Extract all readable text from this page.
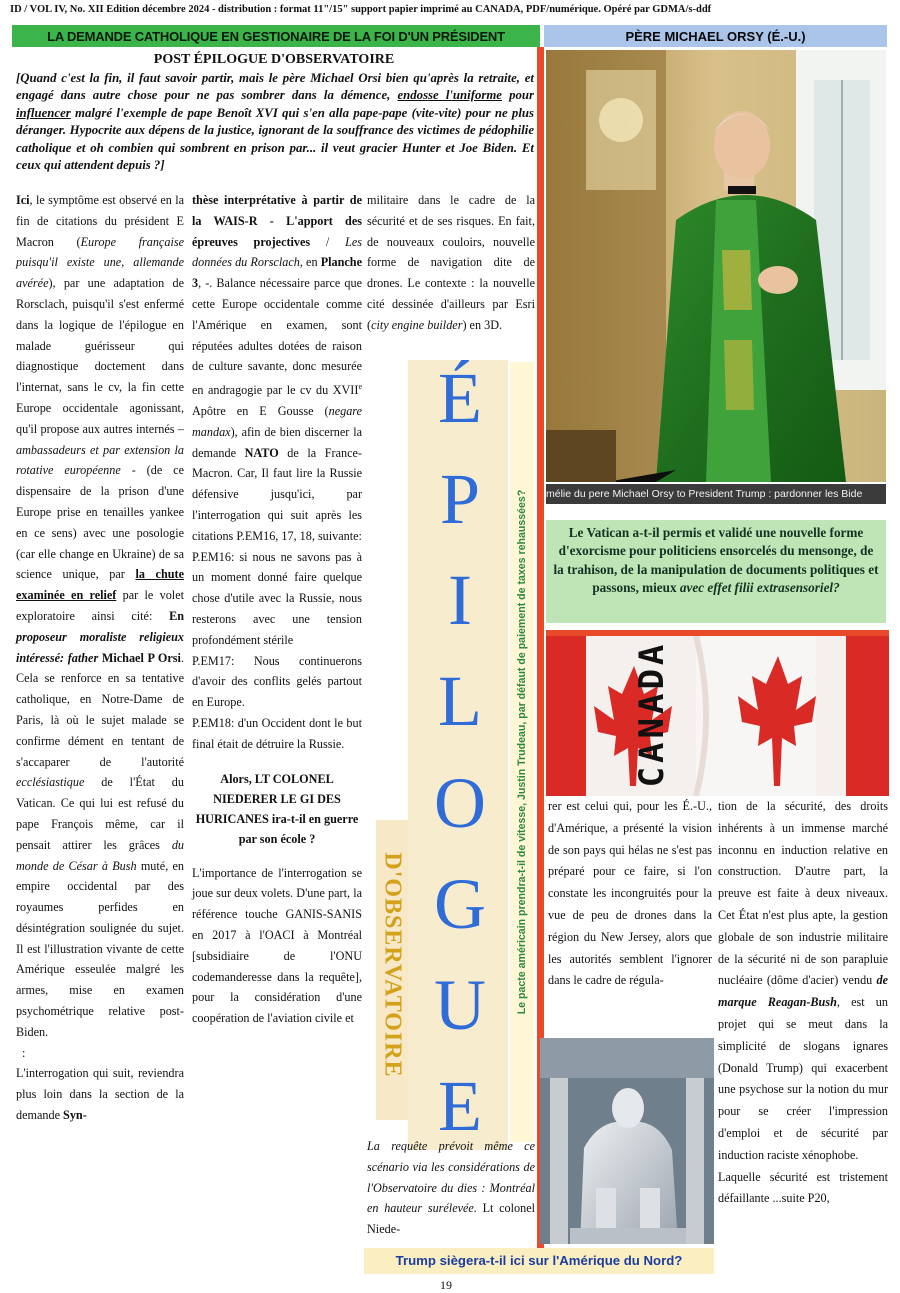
ID / VOL IV, No. XII Édition décembre 2024 - distribution : format 11"/15" support papier imprimé au CANADA, PDF/numérique. Opéré par GDMA/s-ddf
LA DEMANDE CATHOLIQUE EN GESTIONAIRE DE LA FOI D'UN PRÉSIDENT	PÈRE MICHAEL ORSY (É.-U.)
POST ÉPILOGUE D'OBSERVATOIRE
[Quand c'est la fin, il faut savoir partir, mais le père Michael Orsi bien qu'après la retraite, et engagé dans autre chose pour ne pas sombrer dans la démence, endosse l'uniforme pour influencer malgré l'exemple de pape Benoît XVI qui s'en alla pape-pape (vite-vite) pour ne plus déranger. Hypocrite aux dépens de la justice, ignorant de la souffrance des victimes de pédophilie catholique et oh combien qui sombrent en prison par... il veut gracier Hunter et Joe Biden. Et ceux qui attendent depuis ?]

Ici, le symptôme est observé en la fin de citations du président E Macron (Europe française puisqu'il existe une, allemande avérée), par une adaptation de Rorsclach, puisqu'il s'est enfermé dans la logique de l'épilogue en malade guérisseur qui diagnostique doctement dans l'internat, sans le cv, la fin cette Europe occidentale agonissant, qu'il propose aux autres internés – ambassadeurs et par extension la rotative européenne - (de ce dispensaire de la prison d'une Europe prise en tenailles yankee en ce sens) avec une posologie (car elle change en Ukraine) de sa science unique, par la chute examinée en relief par le volet exploratoire ainsi cité: En proposeur moraliste religieux intéressé: father Michael P Orsi. Cela se renforce en sa tentative catholique, en Notre-Dame de Paris, là où le sujet malade se confirme dément en tentant de s'accaparer de l'autorité ecclésiastique de l'État du Vatican. Ce qui lui est refusé du pape François même, car il pensait attirer les grâces du monde de César à Bush muté, en empire occidental par des royaumes perfides en désintégration soulignée du sujet. Il est l'illustration vivante de cette Amérique esseulée malgré les armes, mise en examen psychométrique relative post-Biden.

:

L'interrogation qui suit, reviendra plus loin dans la section de la demande Syn-

thèse interprétative à partir de la WAIS-R - L'apport des épreuves projectives / Les données du Rorsclach, en Planche 3, -. Balance nécessaire parce que cette Europe occidentale comme l'Amérique en examen, sont réputées adultes dotées de raison de culture savante, donc mesurée en andragogie par le cv du XVIIe Apôtre en E Gousse (negare mandax), afin de bien discerner la demande NATO de la France-Macron. Car, Il faut lire la Russie défensive jusqu'ici, par l'interrogation qui suit après les citations P.EM16, 17, 18, suivante:

P.EM16: si nous ne savons pas à un moment donné faire quelque chose d'utile avec la Russie, nous resterons avec une tension profondément stérile

P.EM17: Nous continuerons d'avoir des conflits gelés partout en Europe.

P.EM18: d'un Occident dont le but final était de détruire la Russie.

Alors, LT COLONEL NIEDERER LE GI DES HURICANES ira-t-il en guerre par son école ?

L'importance de l'interrogation se joue sur deux volets. D'une part, la référence touche GANIS-SANIS en 2017 à l'OACI à Montréal [subsidiaire de l'ONU codemanderesse dans la requête], pour la considération d'une coopération de l'aviation civile et

militaire dans le cadre de la sécurité et de ses risques. En fait, de nouveaux couloirs, nouvelle forme de navigation dite de drones. Le contexte : la nouvelle cité dessinée d'ailleurs par Esri (city engine builder) en 3D.

É
P
I
L
O
G
U
E
D'OBSERVATOIRE	Le pacte américain prendra-t-il de vitesse, Justin Trudeau, par défaut de paiement de taxes rehaussées?

La requête prévoit même ce scénario via les considérations de l'Observatoire du dies : Montréal en hauteur surélevée. Lt colonel Niede-

mélie du pere Michael Orsy to President Trump : pardonner les Bide
Le Vatican a-t-il permis et validé une nouvelle forme d'exorcisme pour politiciens ensorcelés du mensonge, de la trahison, de la manipulation de documents politiques et passons, mieux avec effet filii extrasensoriel?
CANADA
rer est celui qui, pour les É.-U., d'Amérique, a présenté la vision de son pays qui hélas ne s'est pas préparé pour ce faire, si l'on constate les incongruités pour la vue de peu de drones dans la région du New Jersey, alors que les autorités semblent l'ignorer dans le cadre de régula-
tion de la sécurité, des droits inhérents à un immense marché inconnu en induction relative en construction. D'autre part, la preuve est faite à deux niveaux. Cet État n'est plus apte, la gestion globale de son industrie militaire de la sécurité ni de son parapluie nucléaire (dôme d'acier) vendu de marque Reagan-Bush, est un projet qui se meut dans la simplicité de slogans ignares (Donald Trump) qui exacerbent une psychose sur la notion du mur pour se créer l'impression d'emploi et de sécurité par induction raciste xénophobe.
Laquelle sécurité est tristement défaillante ...suite P20,
Trump siègera-t-il ici sur l'Amérique du Nord?
19
